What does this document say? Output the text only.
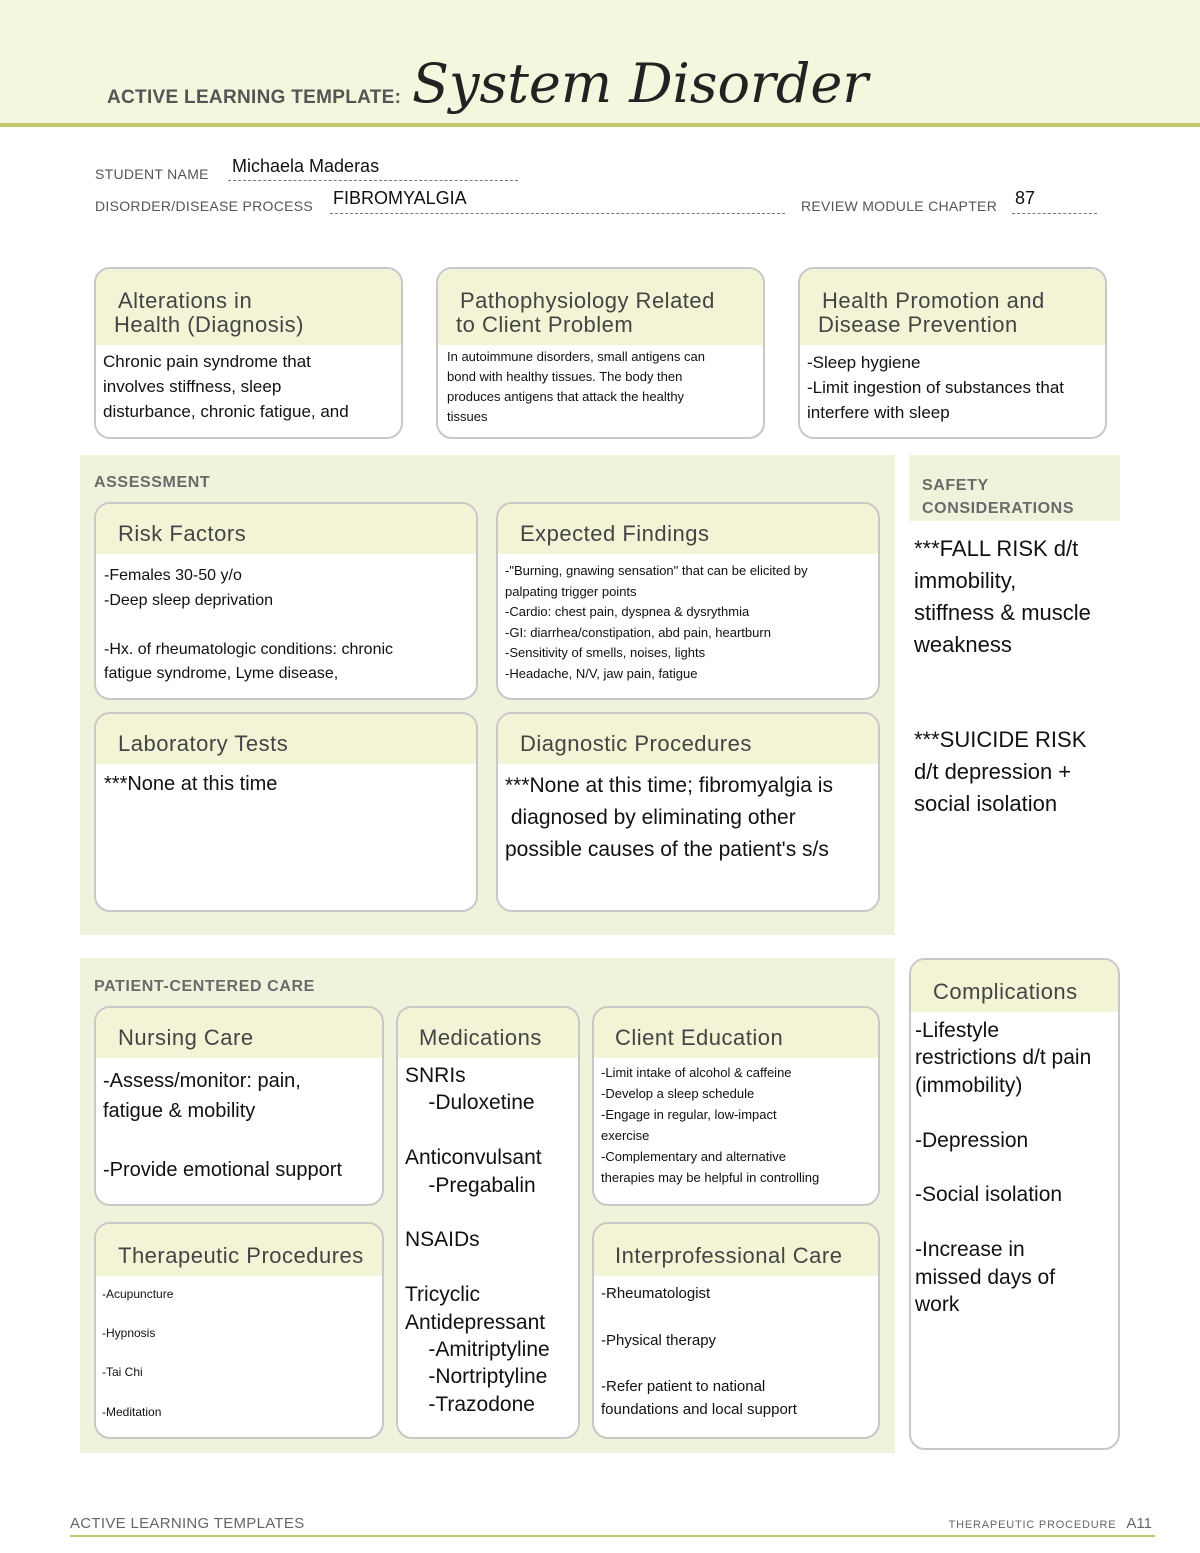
ACTIVE LEARNING TEMPLATE: System Disorder
STUDENT NAME Michaela Maderas
DISORDER/DISEASE PROCESS FIBROMYALGIA	REVIEW MODULE CHAPTER 87
Alterations in
Health (Diagnosis)
Chronic pain syndrome that
involves stiffness, sleep
disturbance, chronic fatigue, and
Pathophysiology Related
to Client Problem
In autoimmune disorders, small antigens can
bond with healthy tissues. The body then
produces antigens that attack the healthy
tissues
Health Promotion and
Disease Prevention
-Sleep hygiene
-Limit ingestion of substances that
interfere with sleep
ASSESSMENT
Risk Factors
-Females 30-50 y/o
-Deep sleep deprivation

-Hx. of rheumatologic conditions: chronic
fatigue syndrome, Lyme disease,
Expected Findings
-"Burning, gnawing sensation" that can be elicited by
palpating trigger points
-Cardio: chest pain, dyspnea & dysrythmia
-GI: diarrhea/constipation, abd pain, heartburn
-Sensitivity of smells, noises, lights
-Headache, N/V, jaw pain, fatigue
Laboratory Tests
***None at this time
Diagnostic Procedures
***None at this time; fibromyalgia is
diagnosed by eliminating other
possible causes of the patient's s/s
SAFETY
CONSIDERATIONS
***FALL RISK d/t
immobility,
stiffness & muscle
weakness
***SUICIDE RISK
d/t depression +
social isolation
PATIENT-CENTERED CARE
Nursing Care
-Assess/monitor: pain,
fatigue & mobility

-Provide emotional support
Medications
SNRIs
-Duloxetine

Anticonvulsant
-Pregabalin

NSAIDs

Tricyclic
Antidepressant
-Amitriptyline
-Nortriptyline
-Trazodone
Client Education
-Limit intake of alcohol & caffeine
-Develop a sleep schedule
-Engage in regular, low-impact
exercise
-Complementary and alternative
therapies may be helpful in controlling
Therapeutic Procedures
-Acupuncture

-Hypnosis

-Tai Chi

-Meditation
Interprofessional Care
-Rheumatologist

-Physical therapy

-Refer patient to national
foundations and local support
Complications
-Lifestyle
restrictions d/t pain
(immobility)

-Depression

-Social isolation

-Increase in
missed days of
work
ACTIVE LEARNING TEMPLATES	THERAPEUTIC PROCEDURE A11
